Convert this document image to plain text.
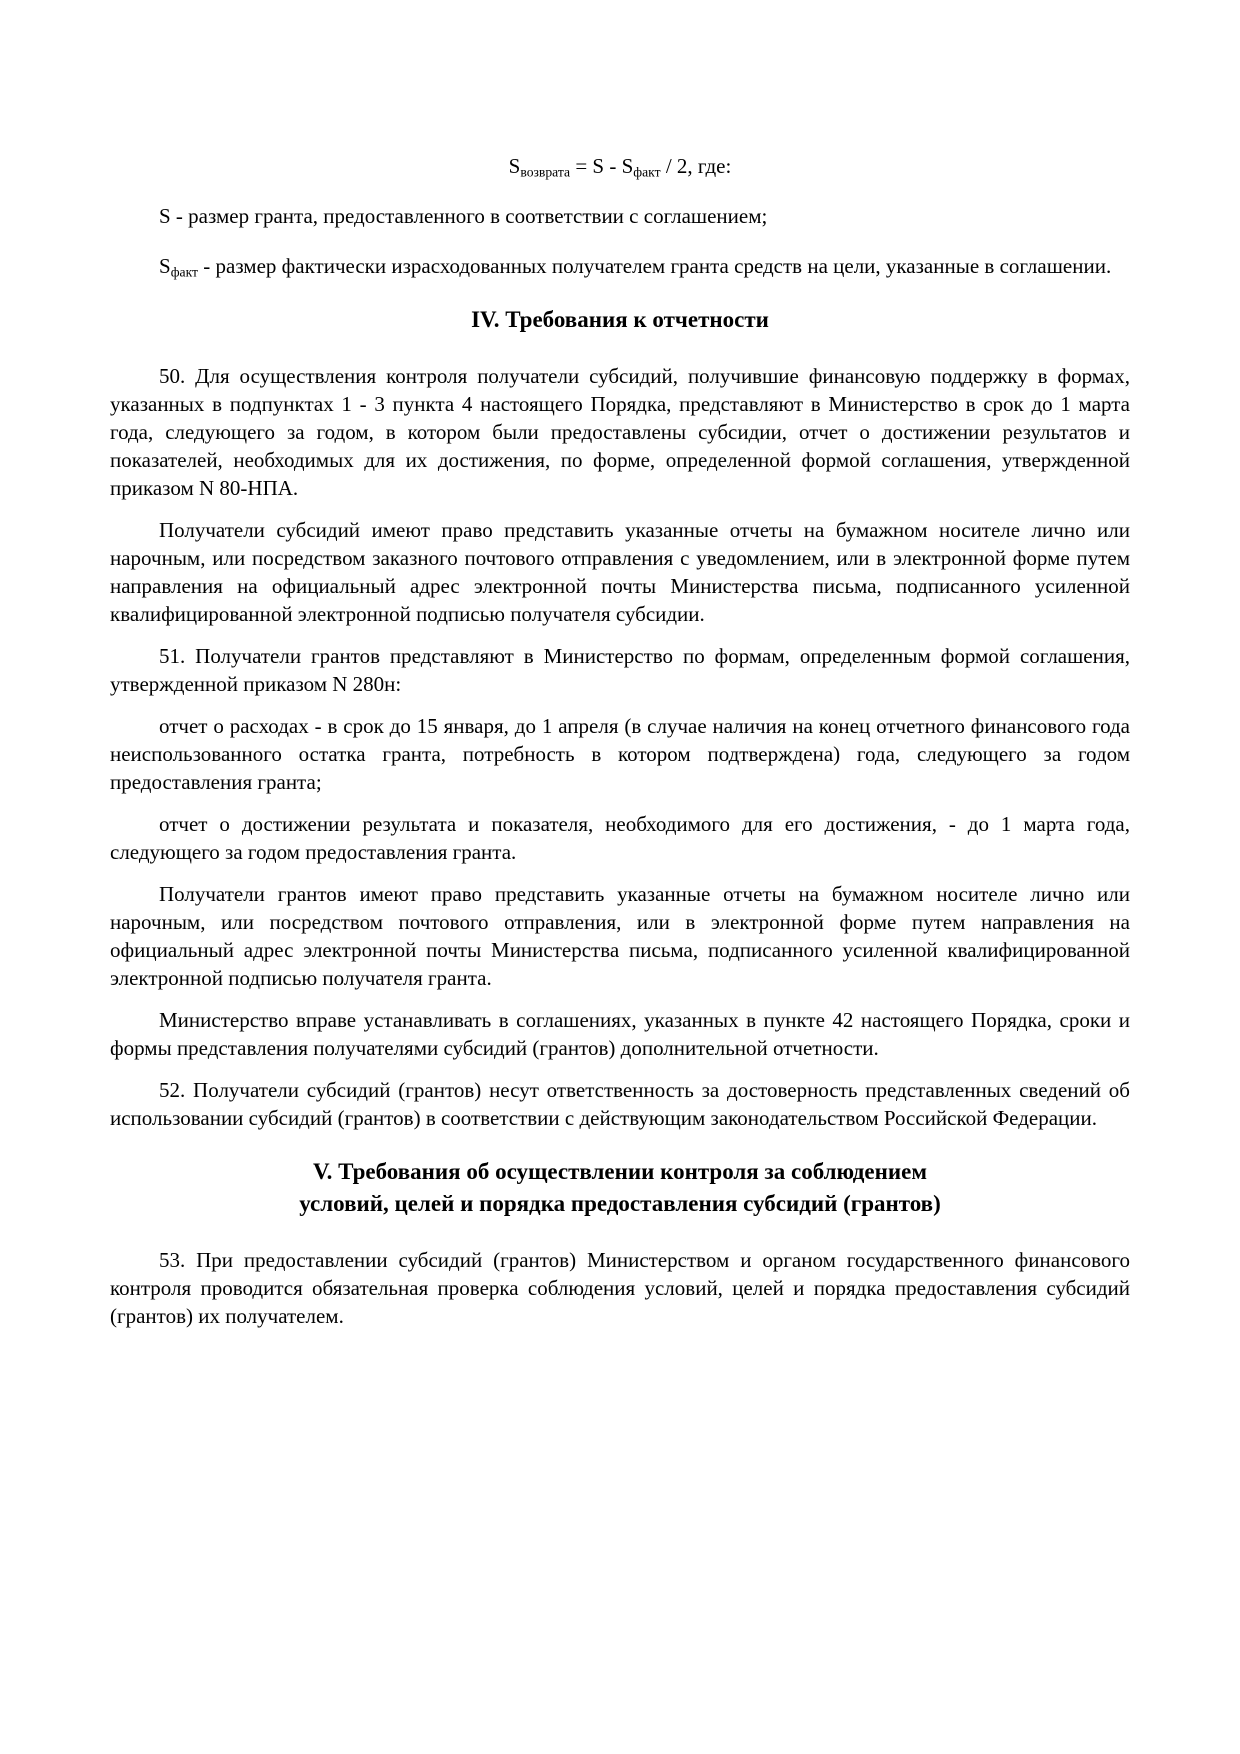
$S_{возврата} = S - S_{факт} / 2$, где:

S - размер гранта, предоставленного в соответствии с соглашением;

$S_{факт}$ - размер фактически израсходованных получателем гранта средств на цели, указанные в соглашении.

IV. Требования к отчетности

50. Для осуществления контроля получатели субсидий, получившие финансовую поддержку в формах, указанных в подпунктах 1 - 3 пункта 4 настоящего Порядка, представляют в Министерство в срок до 1 марта года, следующего за годом, в котором были предоставлены субсидии, отчет о достижении результатов и показателей, необходимых для их достижения, по форме, определенной формой соглашения, утвержденной приказом N 80-НПА.

Получатели субсидий имеют право представить указанные отчеты на бумажном носителе лично или нарочным, или посредством заказного почтового отправления с уведомлением, или в электронной форме путем направления на официальный адрес электронной почты Министерства письма, подписанного усиленной квалифицированной электронной подписью получателя субсидии.

51. Получатели грантов представляют в Министерство по формам, определенным формой соглашения, утвержденной приказом N 280н:

отчет о расходах - в срок до 15 января, до 1 апреля (в случае наличия на конец отчетного финансового года неиспользованного остатка гранта, потребность в котором подтверждена) года, следующего за годом предоставления гранта;

отчет о достижении результата и показателя, необходимого для его достижения, - до 1 марта года, следующего за годом предоставления гранта.

Получатели грантов имеют право представить указанные отчеты на бумажном носителе лично или нарочным, или посредством почтового отправления, или в электронной форме путем направления на официальный адрес электронной почты Министерства письма, подписанного усиленной квалифицированной электронной подписью получателя гранта.

Министерство вправе устанавливать в соглашениях, указанных в пункте 42 настоящего Порядка, сроки и формы представления получателями субсидий (грантов) дополнительной отчетности.

52. Получатели субсидий (грантов) несут ответственность за достоверность представленных сведений об использовании субсидий (грантов) в соответствии с действующим законодательством Российской Федерации.

V. Требования об осуществлении контроля за соблюдением
условий, целей и порядка предоставления субсидий (грантов)

53. При предоставлении субсидий (грантов) Министерством и органом государственного финансового контроля проводится обязательная проверка соблюдения условий, целей и порядка предоставления субсидий (грантов) их получателем.
